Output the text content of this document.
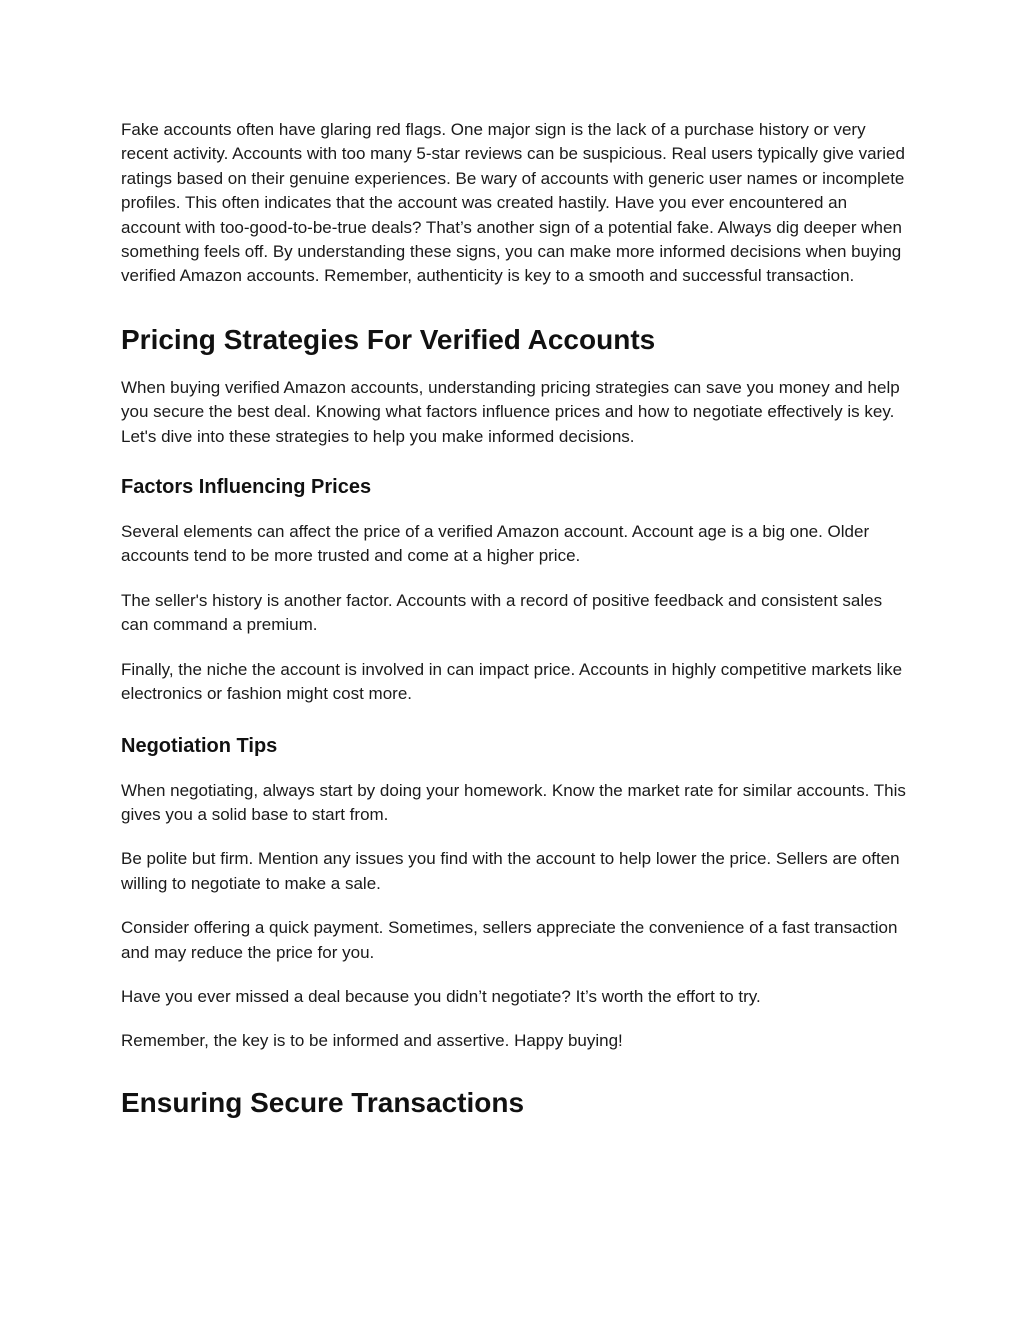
Fake accounts often have glaring red flags. One major sign is the lack of a purchase history or very recent activity. Accounts with too many 5-star reviews can be suspicious. Real users typically give varied ratings based on their genuine experiences. Be wary of accounts with generic user names or incomplete profiles. This often indicates that the account was created hastily. Have you ever encountered an account with too-good-to-be-true deals? That’s another sign of a potential fake. Always dig deeper when something feels off. By understanding these signs, you can make more informed decisions when buying verified Amazon accounts. Remember, authenticity is key to a smooth and successful transaction.

Pricing Strategies For Verified Accounts

When buying verified Amazon accounts, understanding pricing strategies can save you money and help you secure the best deal. Knowing what factors influence prices and how to negotiate effectively is key. Let's dive into these strategies to help you make informed decisions.

Factors Influencing Prices

Several elements can affect the price of a verified Amazon account. Account age is a big one. Older accounts tend to be more trusted and come at a higher price.

The seller's history is another factor. Accounts with a record of positive feedback and consistent sales can command a premium.

Finally, the niche the account is involved in can impact price. Accounts in highly competitive markets like electronics or fashion might cost more.

Negotiation Tips

When negotiating, always start by doing your homework. Know the market rate for similar accounts. This gives you a solid base to start from.

Be polite but firm. Mention any issues you find with the account to help lower the price. Sellers are often willing to negotiate to make a sale.

Consider offering a quick payment. Sometimes, sellers appreciate the convenience of a fast transaction and may reduce the price for you.

Have you ever missed a deal because you didn’t negotiate? It’s worth the effort to try.

Remember, the key is to be informed and assertive. Happy buying!

Ensuring Secure Transactions
